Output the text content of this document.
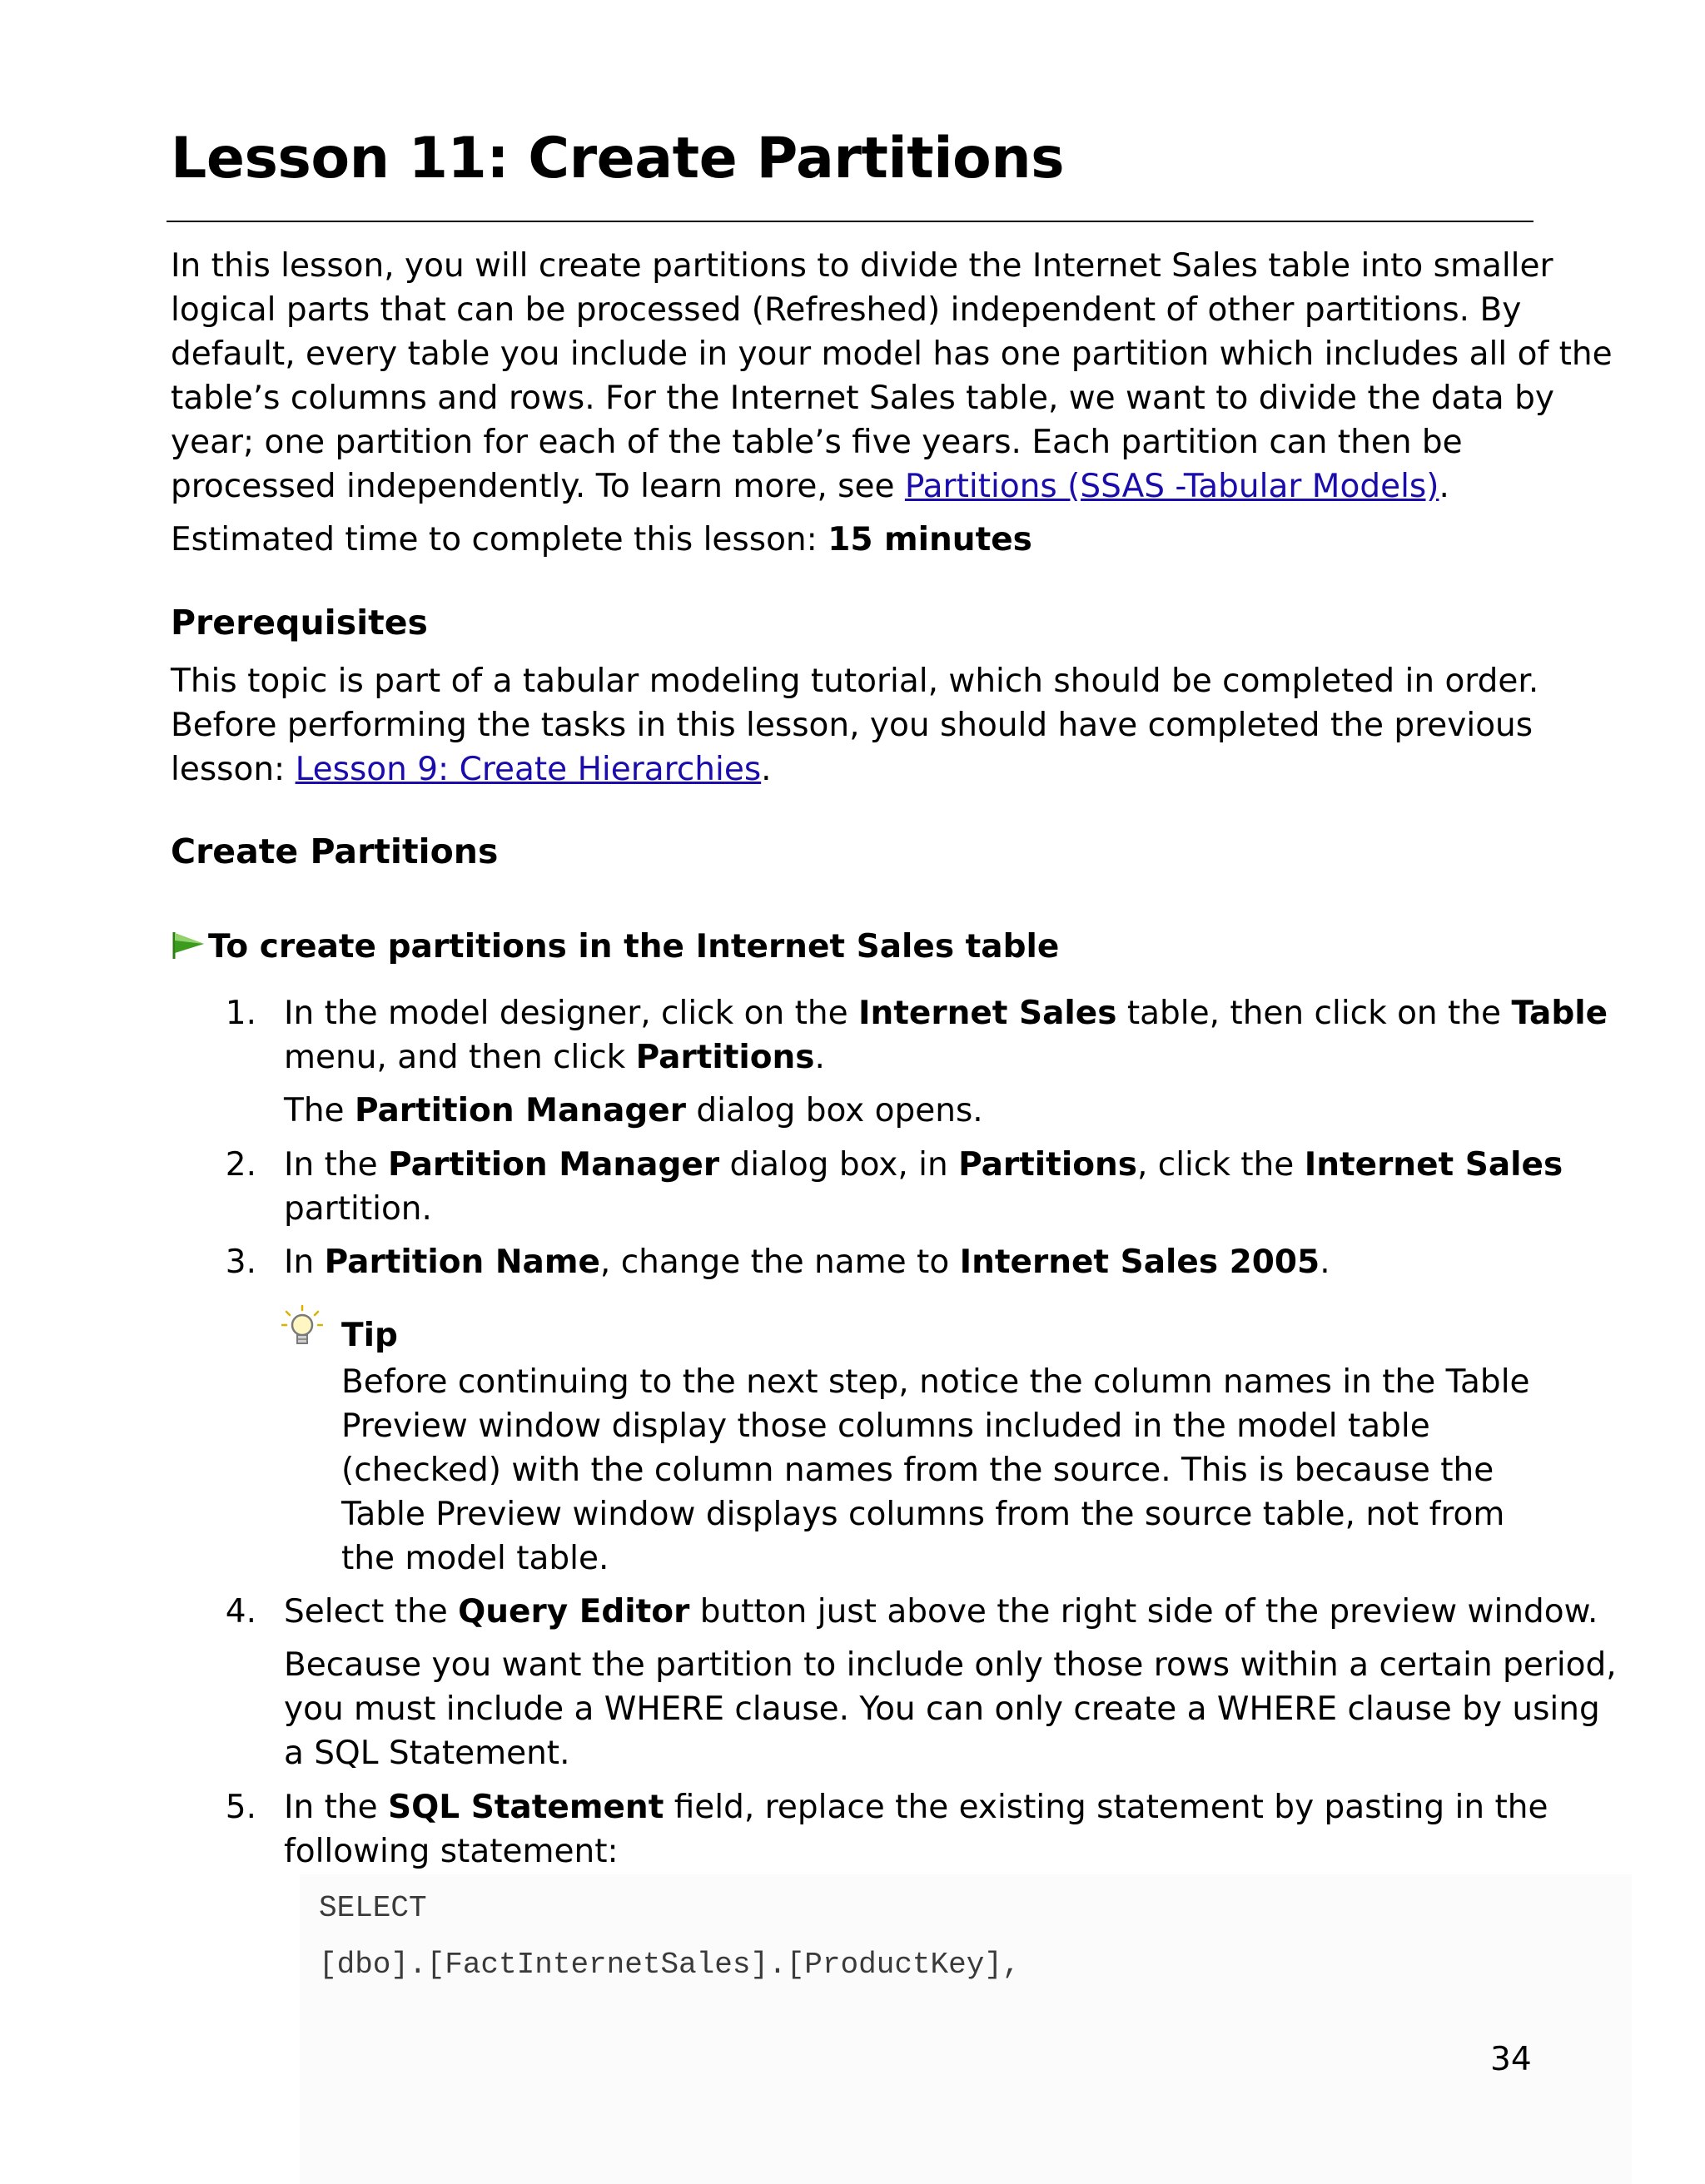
Lesson 11: Create Partitions
In this lesson, you will create partitions to divide the Internet Sales table into smaller
logical parts that can be processed (Refreshed) independent of other partitions. By
default, every table you include in your model has one partition which includes all of the
table’s columns and rows. For the Internet Sales table, we want to divide the data by
year; one partition for each of the table’s five years. Each partition can then be
processed independently. To learn more, see Partitions (SSAS -Tabular Models).
Estimated time to complete this lesson: 15 minutes
Prerequisites
This topic is part of a tabular modeling tutorial, which should be completed in order.
Before performing the tasks in this lesson, you should have completed the previous
lesson: Lesson 9: Create Hierarchies.
Create Partitions
To create partitions in the Internet Sales table
1. In the model designer, click on the Internet Sales table, then click on the Table
menu, and then click Partitions.
The Partition Manager dialog box opens.
2. In the Partition Manager dialog box, in Partitions, click the Internet Sales
partition.
3. In Partition Name, change the name to Internet Sales 2005.
Tip
Before continuing to the next step, notice the column names in the Table
Preview window display those columns included in the model table
(checked) with the column names from the source. This is because the
Table Preview window displays columns from the source table, not from
the model table.
4. Select the Query Editor button just above the right side of the preview window.
Because you want the partition to include only those rows within a certain period,
you must include a WHERE clause. You can only create a WHERE clause by using
a SQL Statement.
5. In the SQL Statement field, replace the existing statement by pasting in the
following statement:
SELECT
[dbo].[FactInternetSales].[ProductKey],
34
